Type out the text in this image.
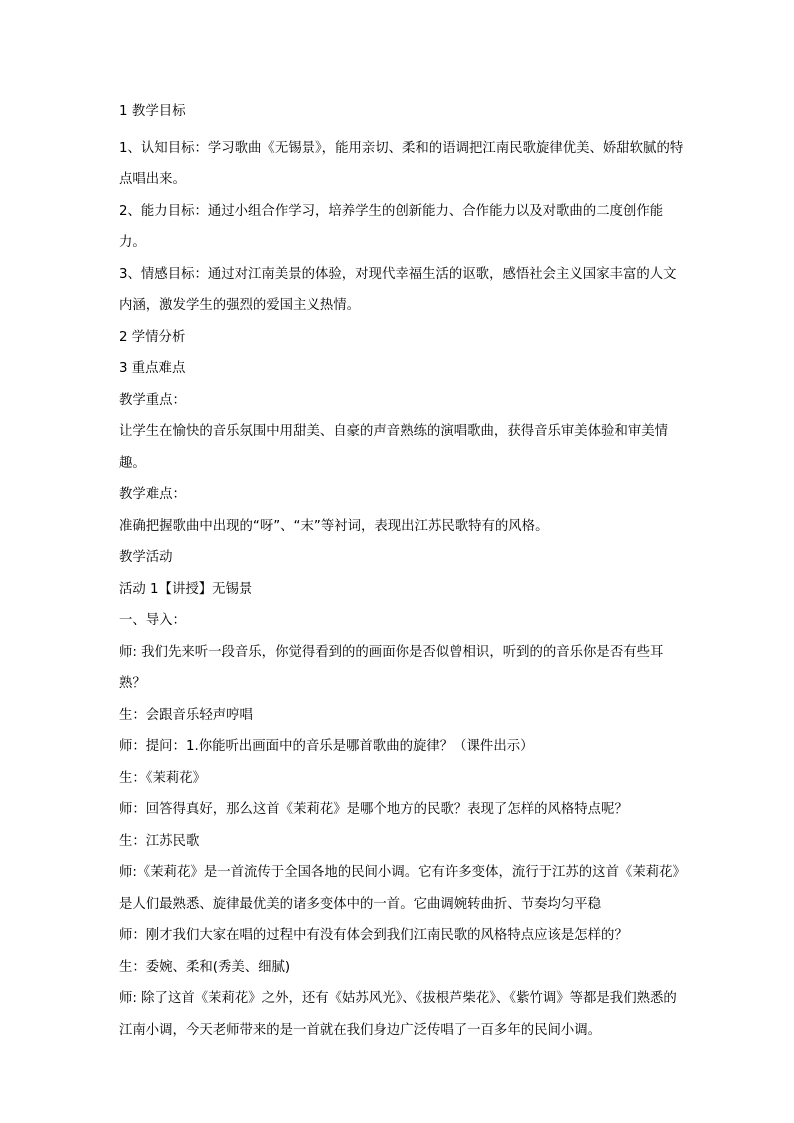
1 教学目标
1、认知目标：学习歌曲《无锡景》，能用亲切、柔和的语调把江南民歌旋律优美、娇甜软腻的特点唱出来。
2、能力目标：通过小组合作学习，培养学生的创新能力、合作能力以及对歌曲的二度创作能力。
3、情感目标：通过对江南美景的体验，对现代幸福生活的讴歌，感悟社会主义国家丰富的人文内涵，激发学生的强烈的爱国主义热情。
2 学情分析
3 重点难点
教学重点：
让学生在愉快的音乐氛围中用甜美、自豪的声音熟练的演唱歌曲，获得音乐审美体验和审美情趣。
教学难点：
准确把握歌曲中出现的“呀”、“末”等衬词，表现出江苏民歌特有的风格。
教学活动
活动 1【讲授】无锡景
一、导入：
师: 我们先来听一段音乐，你觉得看到的的画面你是否似曾相识，听到的的音乐你是否有些耳熟？
生：会跟音乐轻声哼唱
师：提问：1.你能听出画面中的音乐是哪首歌曲的旋律？（课件出示）
生：《茉莉花》
师：回答得真好，那么这首《茉莉花》是哪个地方的民歌？表现了怎样的风格特点呢？
生：江苏民歌
师:《茉莉花》是一首流传于全国各地的民间小调。它有许多变体，流行于江苏的这首《茉莉花》是人们最熟悉、旋律最优美的诸多变体中的一首。它曲调婉转曲折、节奏均匀平稳
师：刚才我们大家在唱的过程中有没有体会到我们江南民歌的风格特点应该是怎样的？
生：委婉、柔和(秀美、细腻)
师: 除了这首《茉莉花》之外，还有《姑苏风光》、《拔根芦柴花》、《紫竹调》等都是我们熟悉的江南小调，今天老师带来的是一首就在我们身边广泛传唱了一百多年的民间小调。
